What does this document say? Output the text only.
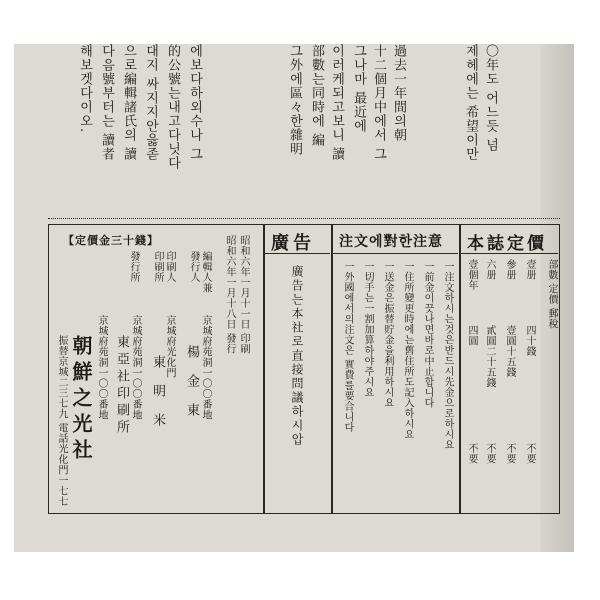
〇年도 어느듯 넘
제헤에는 希望이만
過去一年間의朝
十二個月中에서 그
그나마 最近에
이러케되고보니 讀
部數는同時에 編
그外에區々한雜明
에보다하외수나 그
的公號는내고다닛다
대지 싸지지안읋졷
으로編輯諸氏의 讀
다음號부터는 讀者
해보겟다이오.
本誌定價
部數 定價 郵稅
壹册
四十錢
不要
參册
壹圓十五錢
不要
六册
貳圓二十五錢
不要
壹個年
四圓
不要
注文에對한注意
一注文하시는것은반드시先金으로하시요
一前金이끗나면바로中止합니다
一住所變更時에는舊住所도記入하시요
一送金은振替貯金을利用하시요
一切手는一割加算하야주시요
一外國에서의注文은 實費를要合니다
廣告
廣告는本社로直接問議하시압
昭和六年一月十一日 印刷
昭和六年一月十八日 發行
編輯人兼
發行人
印刷人
印刷所
發行所
京城府苑洞一〇〇番地
楊 金 東
京城府光化門
東 明 米
京城府苑洞一〇〇番地
東亞社印刷所
京城府苑洞一〇〇番地
朝鮮之光社
振替京城二三七九 電話光化門一七七
【定價金三十錢】
